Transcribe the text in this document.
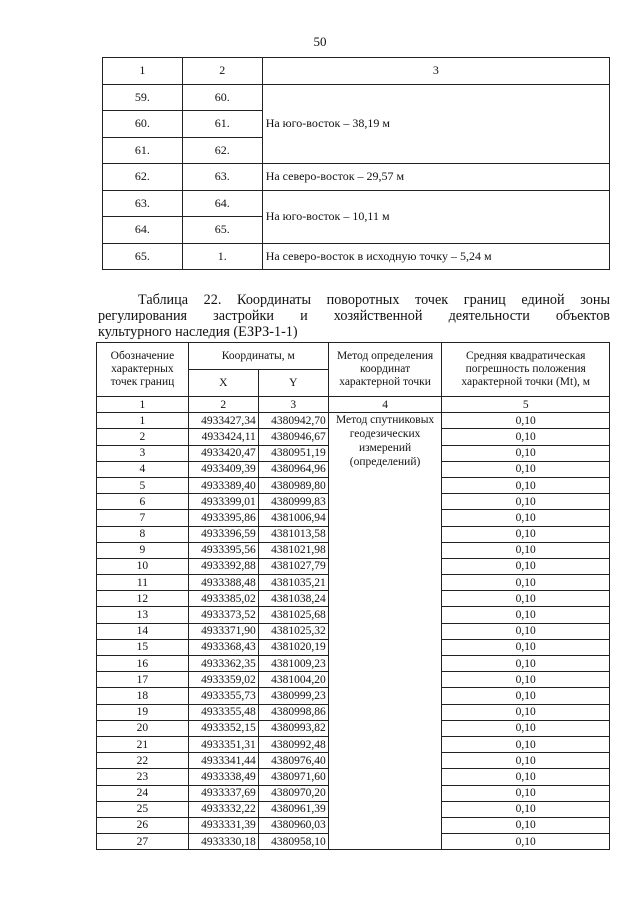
50
1	2	3
59.	60.	На юго-восток – 38,19 м
60.	61.	
61.	62.	
62.	63.	На северо-восток – 29,57 м
63.	64.	На юго-восток – 10,11 м
64.	65.	
65.	1.	На северо-восток в исходную точку – 5,24 м
Таблица 22. Координаты поворотных точек границ единой зоны
регулирования застройки и хозяйственной деятельности объектов
культурного наследия (ЕЗРЗ-1-1)
Обозначение характерных точек границ	Координаты, м		Метод определения координат характерной точки	Средняя квадратическая погрешность положения характерной точки (Mt), м
	X	Y		
1	2	3	4	5
1	4933427,34	4380942,70	Метод спутниковых геодезических измерений (определений)	0,10
2	4933424,11	4380946,67		0,10
3	4933420,47	4380951,19		0,10
4	4933409,39	4380964,96		0,10
5	4933389,40	4380989,80		0,10
6	4933399,01	4380999,83		0,10
7	4933395,86	4381006,94		0,10
8	4933396,59	4381013,58		0,10
9	4933395,56	4381021,98		0,10
10	4933392,88	4381027,79		0,10
11	4933388,48	4381035,21		0,10
12	4933385,02	4381038,24		0,10
13	4933373,52	4381025,68		0,10
14	4933371,90	4381025,32		0,10
15	4933368,43	4381020,19		0,10
16	4933362,35	4381009,23		0,10
17	4933359,02	4381004,20		0,10
18	4933355,73	4380999,23		0,10
19	4933355,48	4380998,86		0,10
20	4933352,15	4380993,82		0,10
21	4933351,31	4380992,48		0,10
22	4933341,44	4380976,40		0,10
23	4933338,49	4380971,60		0,10
24	4933337,69	4380970,20		0,10
25	4933332,22	4380961,39		0,10
26	4933331,39	4380960,03		0,10
27	4933330,18	4380958,10		0,10
